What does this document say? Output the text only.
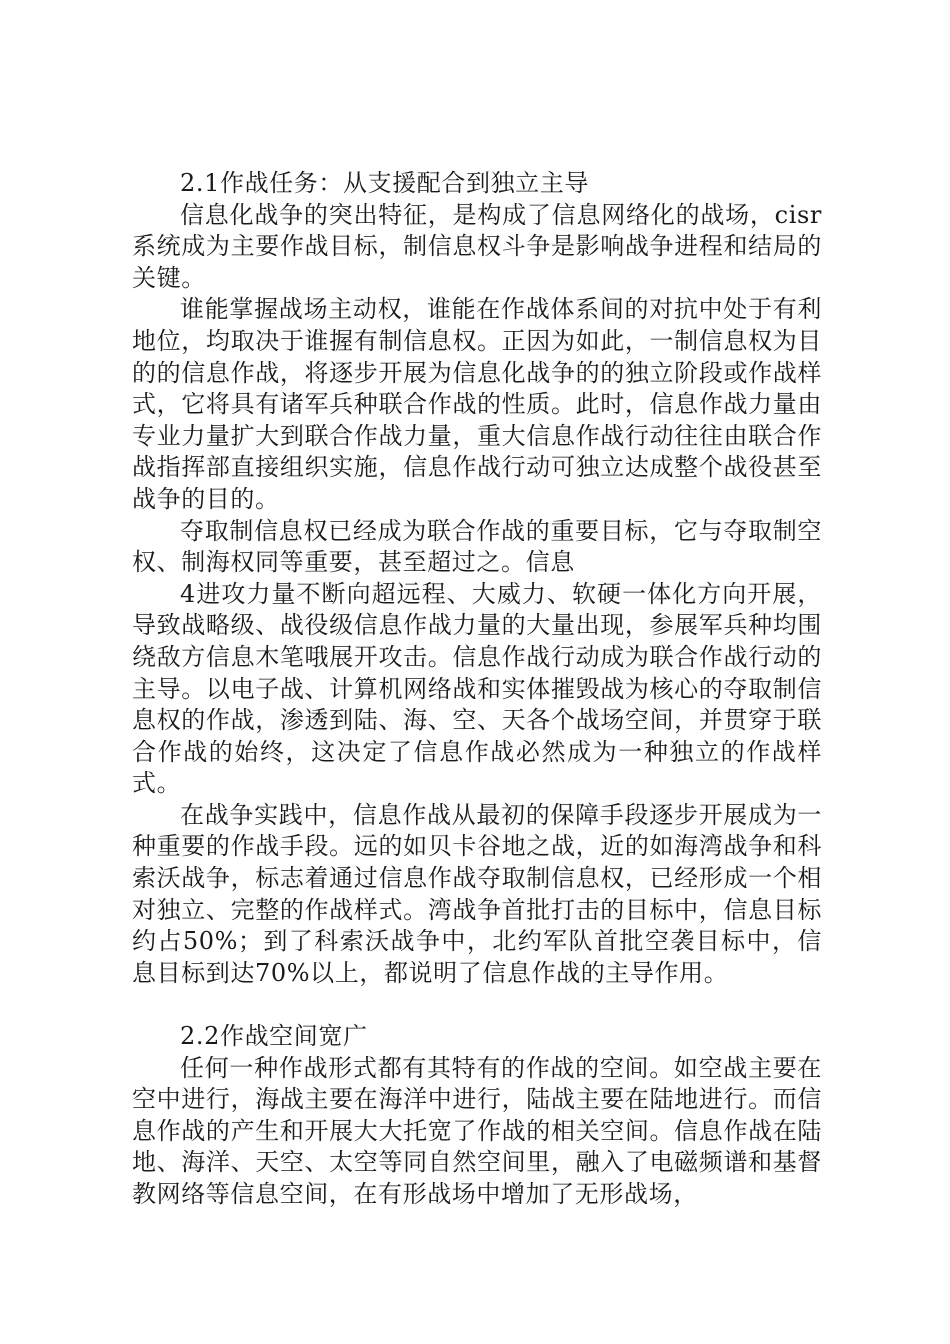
2.1作战任务：从支援配合到独立主导

信息化战争的突出特征，是构成了信息网络化的战场，cisr系统成为主要作战目标，制信息权斗争是影响战争进程和结局的关键。

谁能掌握战场主动权，谁能在作战体系间的对抗中处于有利地位，均取决于谁握有制信息权。正因为如此，一制信息权为目的的信息作战，将逐步开展为信息化战争的的独立阶段或作战样式，它将具有诸军兵种联合作战的性质。此时，信息作战力量由专业力量扩大到联合作战力量，重大信息作战行动往往由联合作战指挥部直接组织实施，信息作战行动可独立达成整个战役甚至战争的目的。

夺取制信息权已经成为联合作战的重要目标，它与夺取制空权、制海权同等重要，甚至超过之。信息

4进攻力量不断向超远程、大威力、软硬一体化方向开展，导致战略级、战役级信息作战力量的大量出现，参展军兵种均围绕敌方信息木笔哦展开攻击。信息作战行动成为联合作战行动的主导。以电子战、计算机网络战和实体摧毁战为核心的夺取制信息权的作战，渗透到陆、海、空、天各个战场空间，并贯穿于联合作战的始终，这决定了信息作战必然成为一种独立的作战样式。

在战争实践中，信息作战从最初的保障手段逐步开展成为一种重要的作战手段。远的如贝卡谷地之战，近的如海湾战争和科索沃战争，标志着通过信息作战夺取制信息权，已经形成一个相对独立、完整的作战样式。湾战争首批打击的目标中，信息目标约占50%；到了科索沃战争中，北约军队首批空袭目标中，信息目标到达70%以上，都说明了信息作战的主导作用。

2.2作战空间宽广

任何一种作战形式都有其特有的作战的空间。如空战主要在空中进行，海战主要在海洋中进行，陆战主要在陆地进行。而信息作战的产生和开展大大托宽了作战的相关空间。信息作战在陆地、海洋、天空、太空等同自然空间里，融入了电磁频谱和基督教网络等信息空间，在有形战场中增加了无形战场，
